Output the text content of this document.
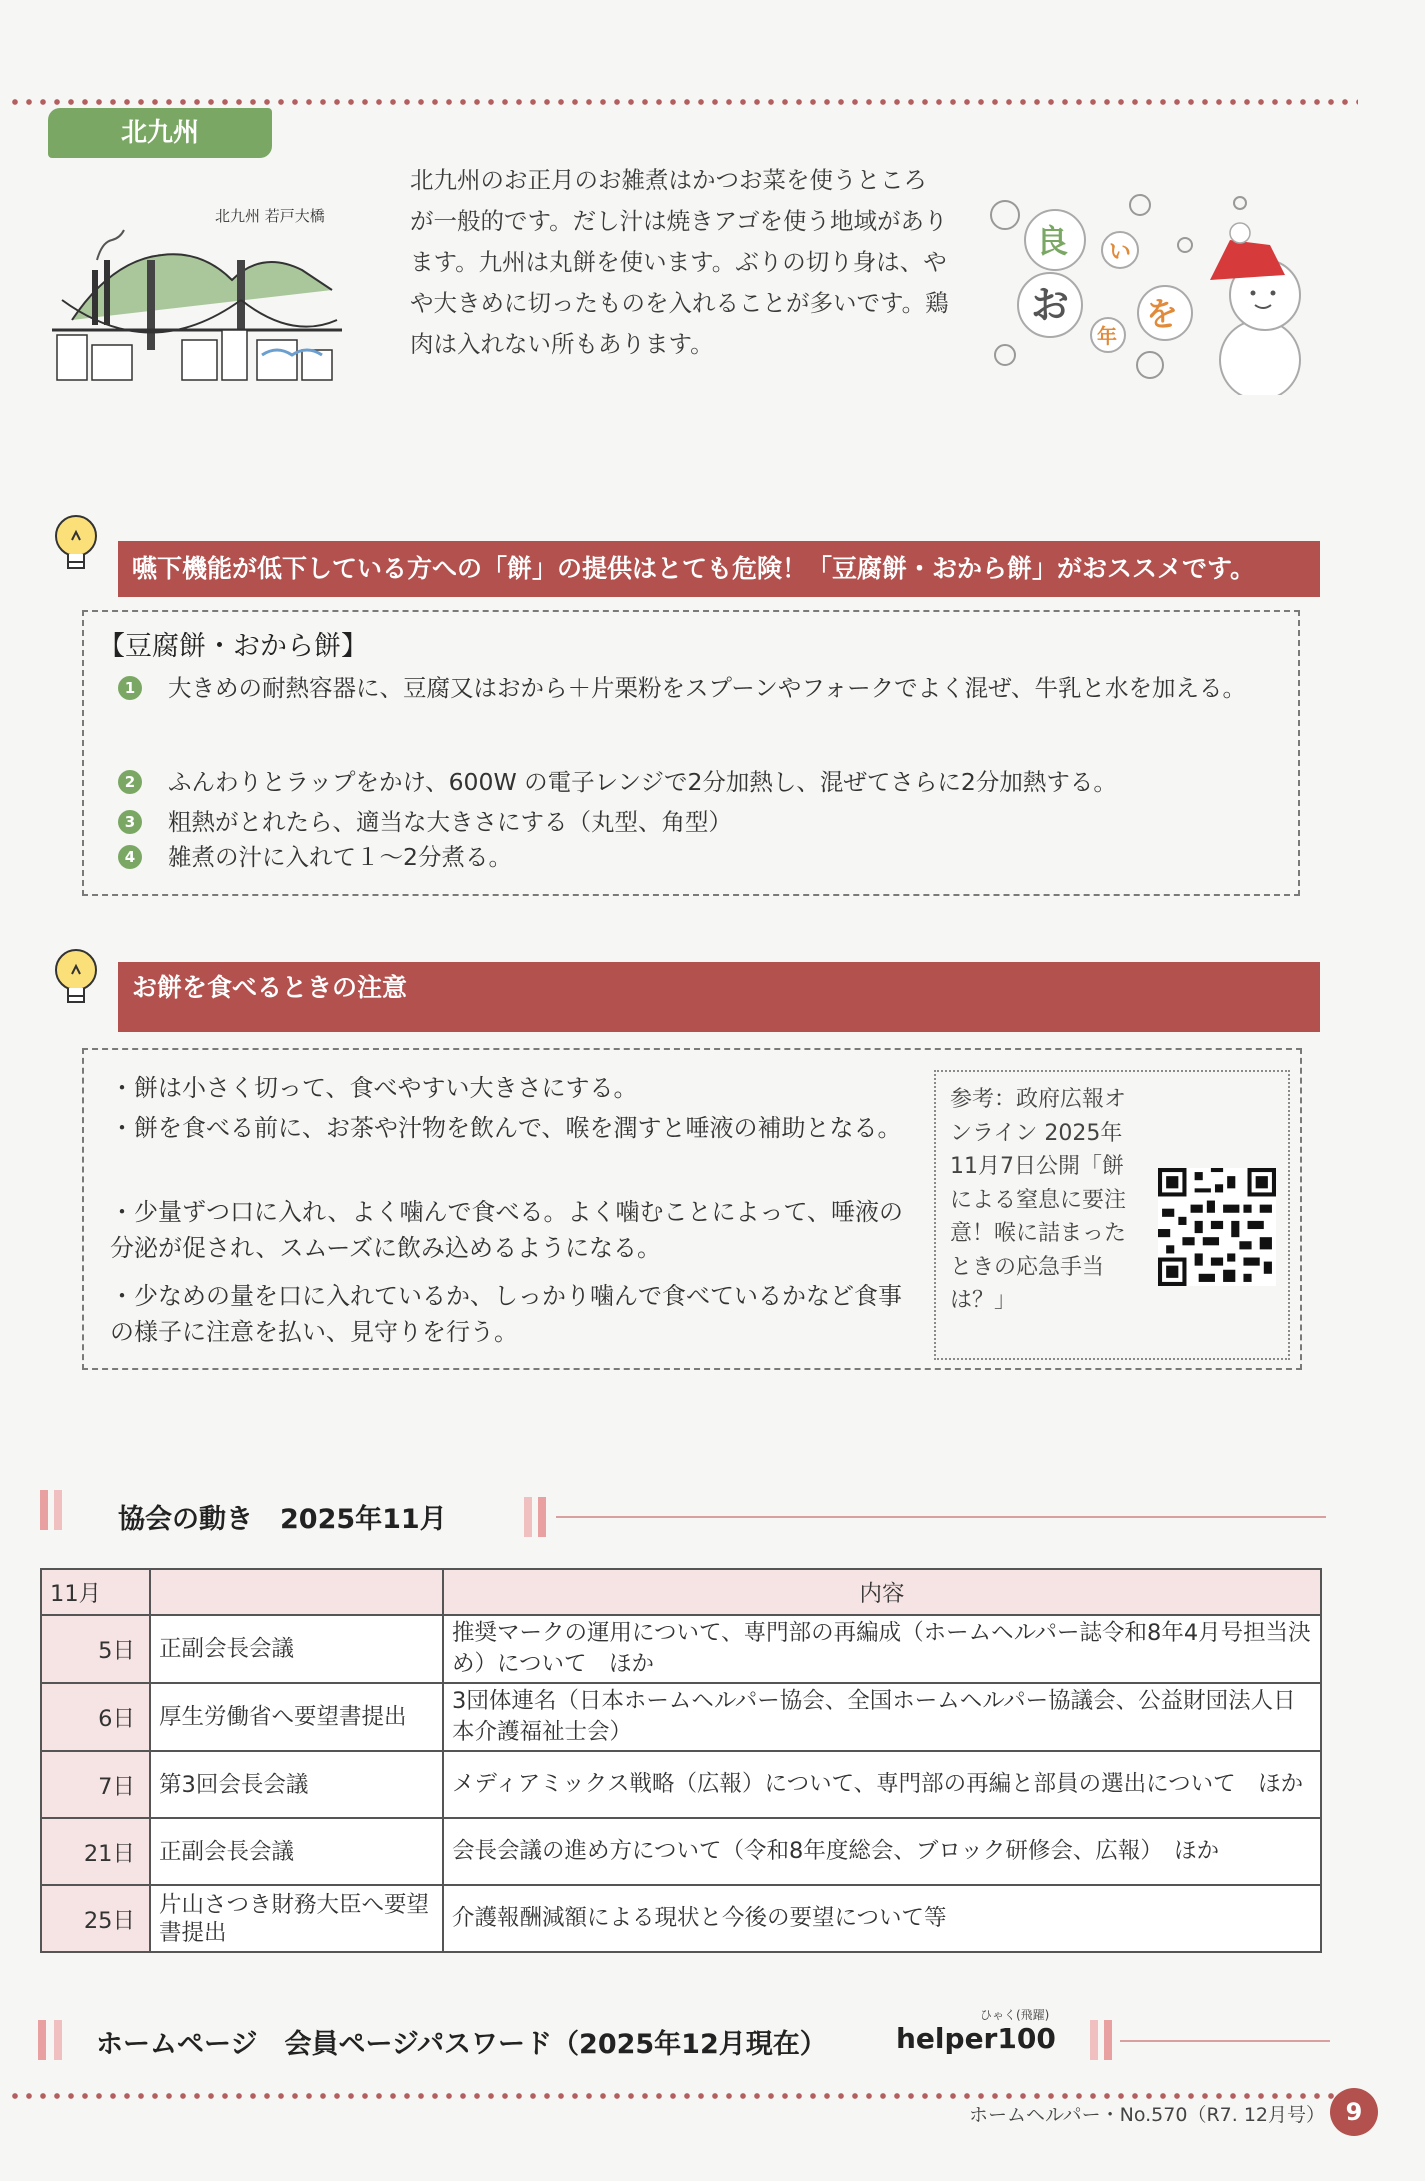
北九州
北九州 若戸大橋
北九州のお正月のお雑煮はかつお菜を使うところが一般的です。だし汁は焼きアゴを使う地域があります。九州は丸餅を使います。ぶりの切り身は、やや大きめに切ったものを入れることが多いです。鶏肉は入れない所もあります。
良 い
お
年
を
嚥下機能が低下している方への「餅」の提供はとても危険！「豆腐餅・おから餅」がおススメです。
【豆腐餅・おから餅】
1 大きめの耐熱容器に、豆腐又はおから＋片栗粉をスプーンやフォークでよく混ぜ、牛乳と水を加える。
2 ふんわりとラップをかけ、600W の電子レンジで2分加熱し、混ぜてさらに2分加熱する。
3 粗熱がとれたら、適当な大きさにする（丸型、角型）
4 雑煮の汁に入れて１～2分煮る。
お餅を食べるときの注意
・餅は小さく切って、食べやすい大きさにする。
・餅を食べる前に、お茶や汁物を飲んで、喉を潤すと唾液の補助となる。
・少量ずつ口に入れ、よく噛んで食べる。よく噛むことによって、唾液の分泌が促され、スムーズに飲み込めるようになる。
・少なめの量を口に入れているか、しっかり噛んで食べているかなど食事の様子に注意を払い、見守りを行う。
参考：政府広報オンライン 2025年11月7日公開「餅による窒息に要注意！喉に詰まったときの応急手当は？」
協会の動き　2025年11月
11月		内容
5日	正副会長会議	推奨マークの運用について、専門部の再編成（ホームヘルパー誌令和8年4月号担当決め）について　ほか
6日	厚生労働省へ要望書提出	3団体連名（日本ホームヘルパー協会、全国ホームヘルパー協議会、公益財団法人日本介護福祉士会）
7日	第3回会長会議	メディアミックス戦略（広報）について、専門部の再編と部員の選出について　ほか
21日	正副会長会議	会長会議の進め方について（令和8年度総会、ブロック研修会、広報）　ほか
25日	片山さつき財務大臣へ要望書提出	介護報酬減額による現状と今後の要望について等
ホームページ　会員ページパスワード（2025年12月現在） helper100
ひゃく(飛躍)
ホームヘルパー・No.570（R7. 12月号） 9
